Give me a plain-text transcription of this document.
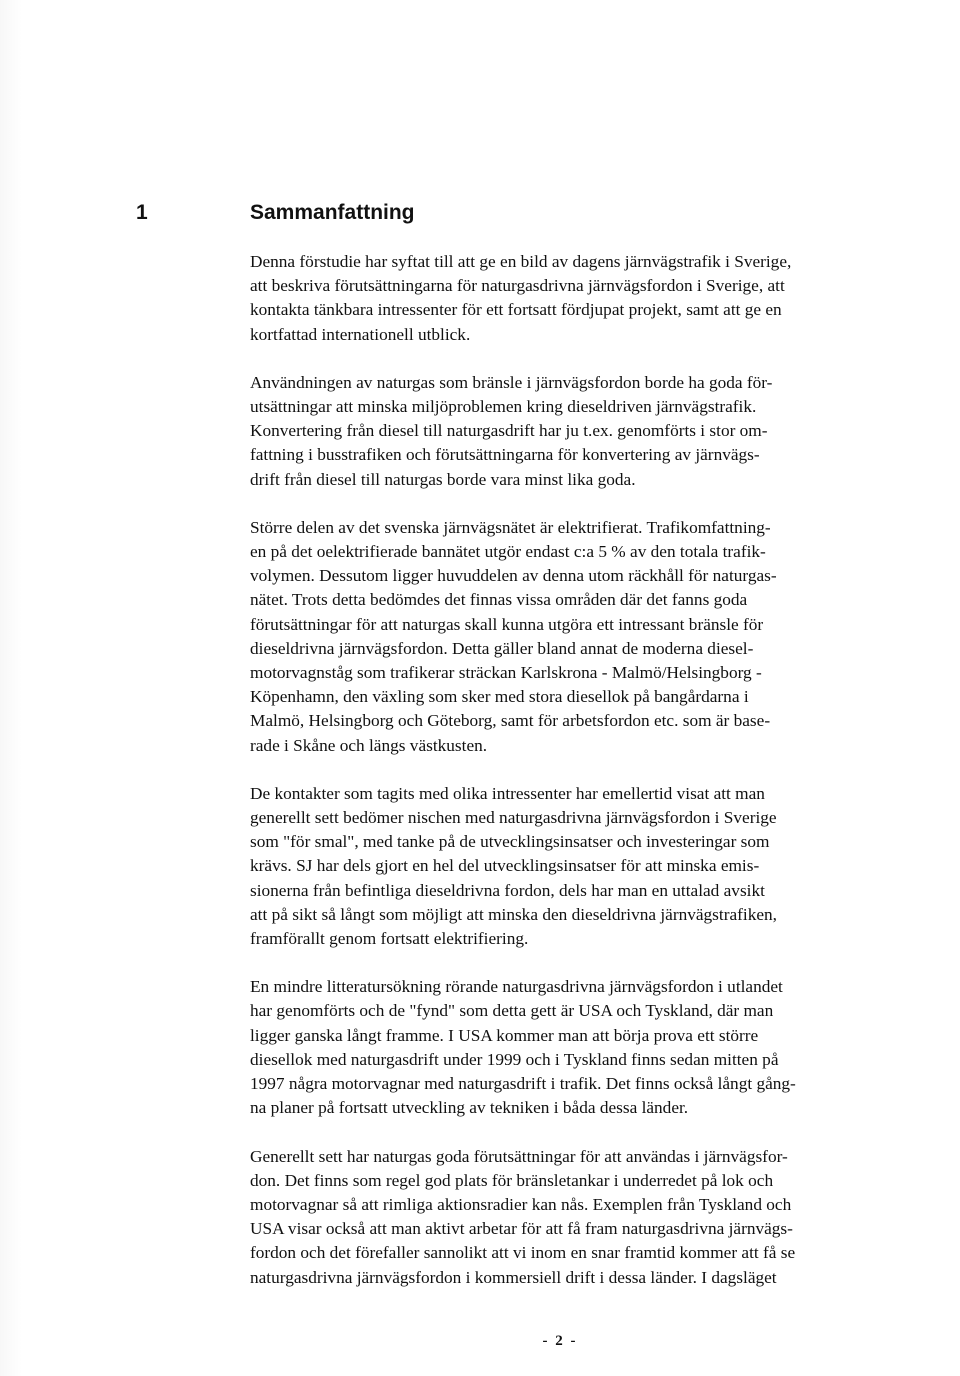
1	Sammanfattning

Denna förstudie har syftat till att ge en bild av dagens järnvägstrafik i Sverige,
att beskriva förutsättningarna för naturgasdrivna järnvägsfordon i Sverige, att
kontakta tänkbara intressenter för ett fortsatt fördjupat projekt, samt att ge en
kortfattad internationell utblick.

Användningen av naturgas som bränsle i järnvägsfordon borde ha goda för-
utsättningar att minska miljöproblemen kring dieseldriven järnvägstrafik.
Konvertering från diesel till naturgasdrift har ju t.ex. genomförts i stor om-
fattning i busstrafiken och förutsättningarna för konvertering av järnvägs-
drift från diesel till naturgas borde vara minst lika goda.

Större delen av det svenska järnvägsnätet är elektrifierat. Trafikomfattning-
en på det oelektrifierade bannätet utgör endast c:a 5 % av den totala trafik-
volymen. Dessutom ligger huvuddelen av denna utom räckhåll för naturgas-
nätet. Trots detta bedömdes det finnas vissa områden där det fanns goda
förutsättningar för att naturgas skall kunna utgöra ett intressant bränsle för
dieseldrivna järnvägsfordon. Detta gäller bland annat de moderna diesel-
motorvagnståg som trafikerar sträckan Karlskrona - Malmö/Helsingborg -
Köpenhamn, den växling som sker med stora diesellok på bangårdarna i
Malmö, Helsingborg och Göteborg, samt för arbetsfordon etc. som är base-
rade i Skåne och längs västkusten.

De kontakter som tagits med olika intressenter har emellertid visat att man
generellt sett bedömer nischen med naturgasdrivna järnvägsfordon i Sverige
som "för smal", med tanke på de utvecklingsinsatser och investeringar som
krävs. SJ har dels gjort en hel del utvecklingsinsatser för att minska emis-
sionerna från befintliga dieseldrivna fordon, dels har man en uttalad avsikt
att på sikt så långt som möjligt att minska den dieseldrivna järnvägstrafiken,
framförallt genom fortsatt elektrifiering.

En mindre litteratursökning rörande naturgasdrivna järnvägsfordon i utlandet
har genomförts och de "fynd" som detta gett är USA och Tyskland, där man
ligger ganska långt framme. I USA kommer man att börja prova ett större
diesellok med naturgasdrift under 1999 och i Tyskland finns sedan mitten på
1997 några motorvagnar med naturgasdrift i trafik. Det finns också långt gång-
na planer på fortsatt utveckling av tekniken i båda dessa länder.

Generellt sett har naturgas goda förutsättningar för att användas i järnvägsfor-
don. Det finns som regel god plats för bränsletankar i underredet på lok och
motorvagnar så att rimliga aktionsradier kan nås. Exemplen från Tyskland och
USA visar också att man aktivt arbetar för att få fram naturgasdrivna järnvägs-
fordon och det förefaller sannolikt att vi inom en snar framtid kommer att få se
naturgasdrivna järnvägsfordon i kommersiell drift i dessa länder. I dagsläget

- 2 -
